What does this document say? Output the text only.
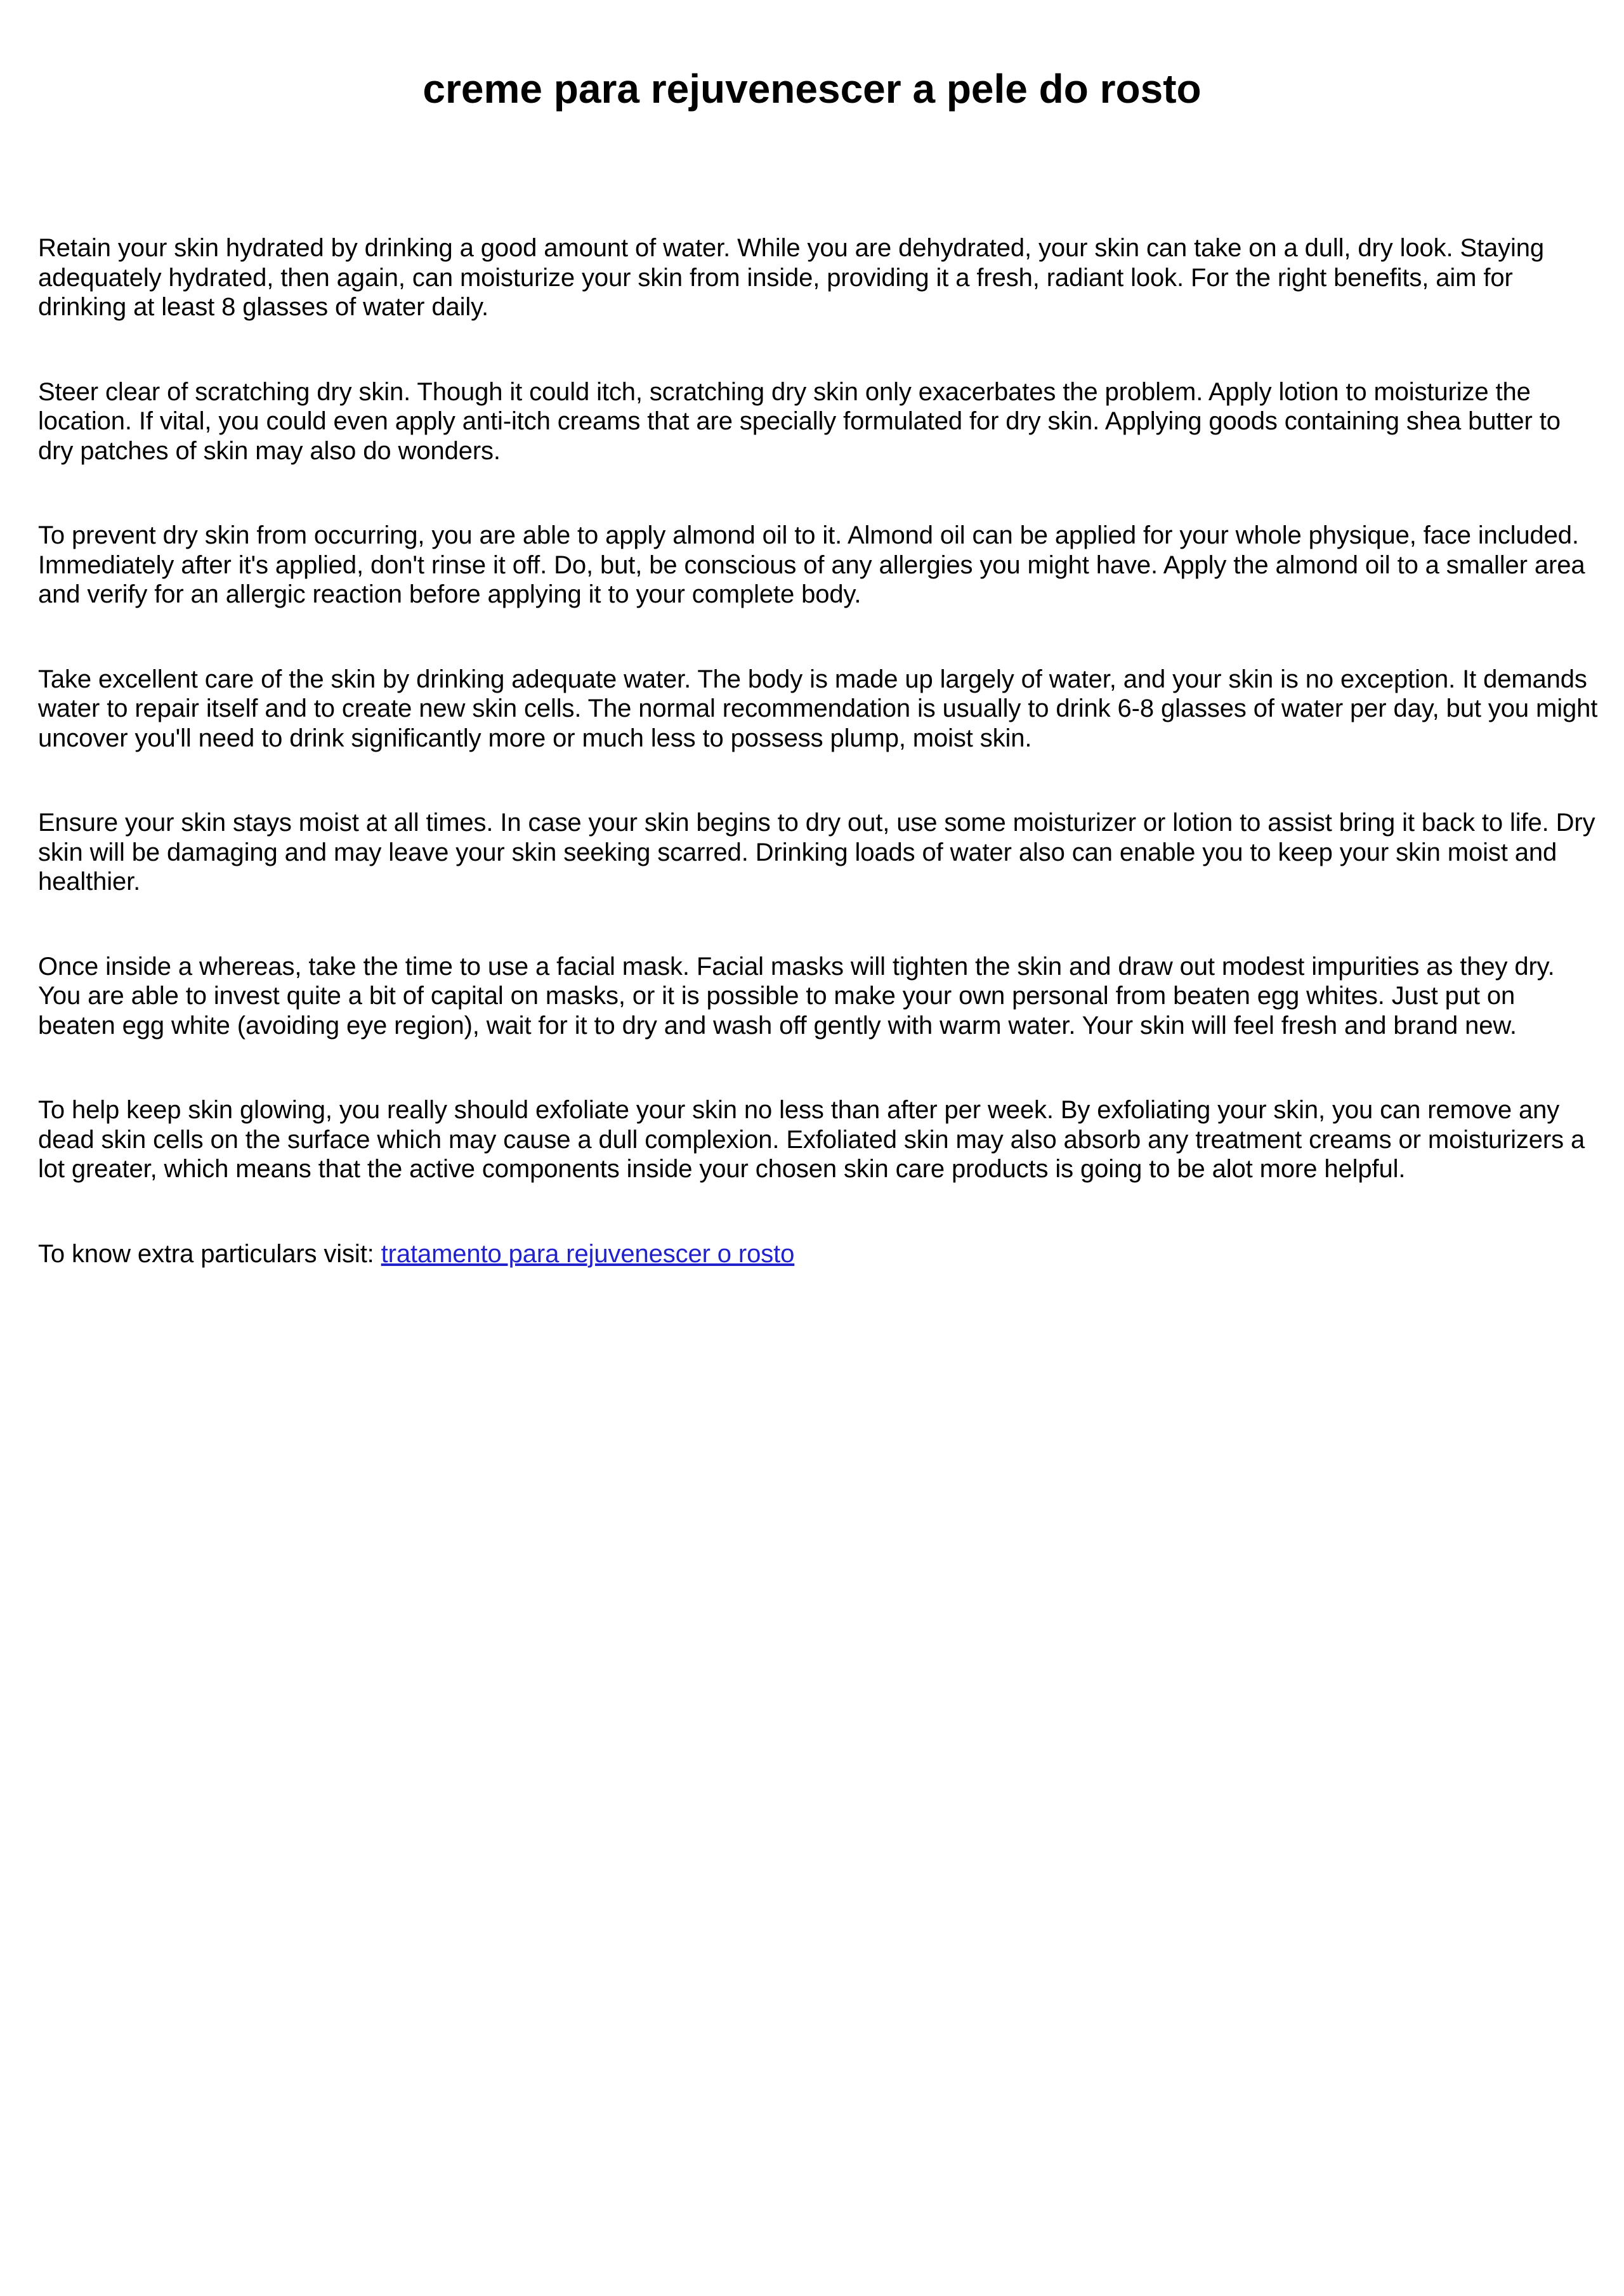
creme para rejuvenescer a pele do rosto

Retain your skin hydrated by drinking a good amount of water. While you are dehydrated, your skin can take on a dull, dry look. Staying adequately hydrated, then again, can moisturize your skin from inside, providing it a fresh, radiant look. For the right benefits, aim for drinking at least 8 glasses of water daily.

Steer clear of scratching dry skin. Though it could itch, scratching dry skin only exacerbates the problem. Apply lotion to moisturize the location. If vital, you could even apply anti-itch creams that are specially formulated for dry skin. Applying goods containing shea butter to dry patches of skin may also do wonders.

To prevent dry skin from occurring, you are able to apply almond oil to it. Almond oil can be applied for your whole physique, face included. Immediately after it's applied, don't rinse it off. Do, but, be conscious of any allergies you might have. Apply the almond oil to a smaller area and verify for an allergic reaction before applying it to your complete body.

Take excellent care of the skin by drinking adequate water. The body is made up largely of water, and your skin is no exception. It demands water to repair itself and to create new skin cells. The normal recommendation is usually to drink 6-8 glasses of water per day, but you might uncover you'll need to drink significantly more or much less to possess plump, moist skin.

Ensure your skin stays moist at all times. In case your skin begins to dry out, use some moisturizer or lotion to assist bring it back to life. Dry skin will be damaging and may leave your skin seeking scarred. Drinking loads of water also can enable you to keep your skin moist and healthier.

Once inside a whereas, take the time to use a facial mask. Facial masks will tighten the skin and draw out modest impurities as they dry. You are able to invest quite a bit of capital on masks, or it is possible to make your own personal from beaten egg whites. Just put on beaten egg white (avoiding eye region), wait for it to dry and wash off gently with warm water. Your skin will feel fresh and brand new.

To help keep skin glowing, you really should exfoliate your skin no less than after per week. By exfoliating your skin, you can remove any dead skin cells on the surface which may cause a dull complexion. Exfoliated skin may also absorb any treatment creams or moisturizers a lot greater, which means that the active components inside your chosen skin care products is going to be alot more helpful.

To know extra particulars visit: tratamento para rejuvenescer o rosto
